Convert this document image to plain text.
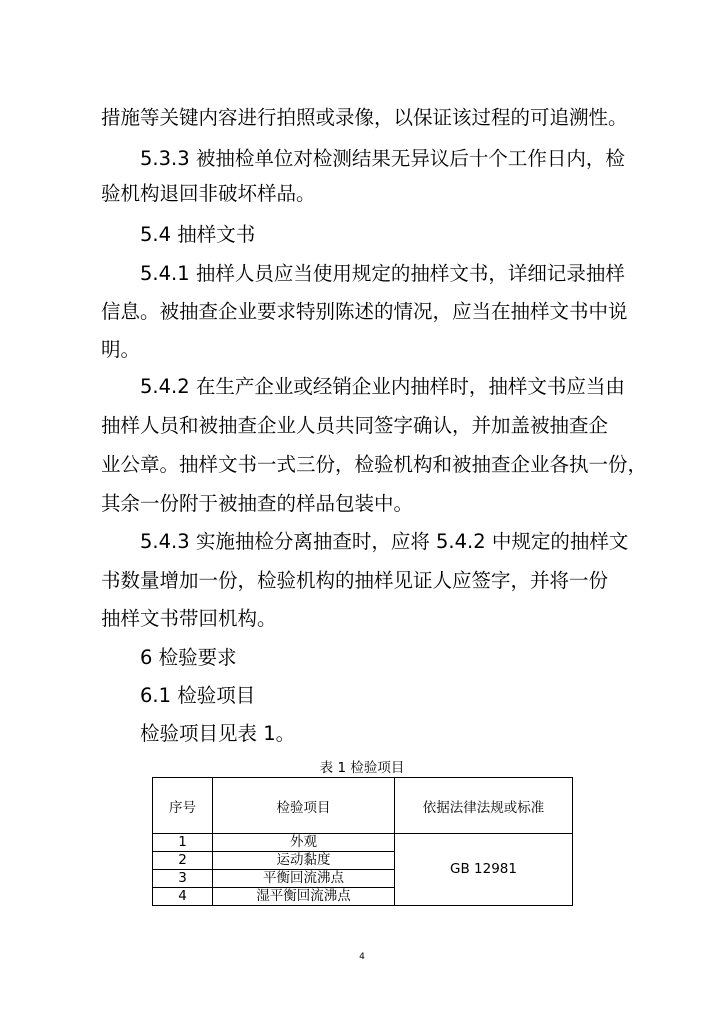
措施等关键内容进行拍照或录像，以保证该过程的可追溯性。
5.3.3 被抽检单位对检测结果无异议后十个工作日内，检
验机构退回非破坏样品。
5.4 抽样文书
5.4.1 抽样人员应当使用规定的抽样文书，详细记录抽样
信息。被抽查企业要求特别陈述的情况，应当在抽样文书中说
明。
5.4.2 在生产企业或经销企业内抽样时，抽样文书应当由
抽样人员和被抽查企业人员共同签字确认，并加盖被抽查企
业公章。抽样文书一式三份，检验机构和被抽查企业各执一份，
其余一份附于被抽查的样品包装中。
5.4.3 实施抽检分离抽查时，应将 5.4.2 中规定的抽样文
书数量增加一份，检验机构的抽样见证人应签字，并将一份
抽样文书带回机构。
6 检验要求
6.1 检验项目
检验项目见表 1。
表 1 检验项目
序号	检验项目	依据法律法规或标准
1	外观	GB 12981
2	运动黏度	
3	平衡回流沸点	
4	湿平衡回流沸点	
4
